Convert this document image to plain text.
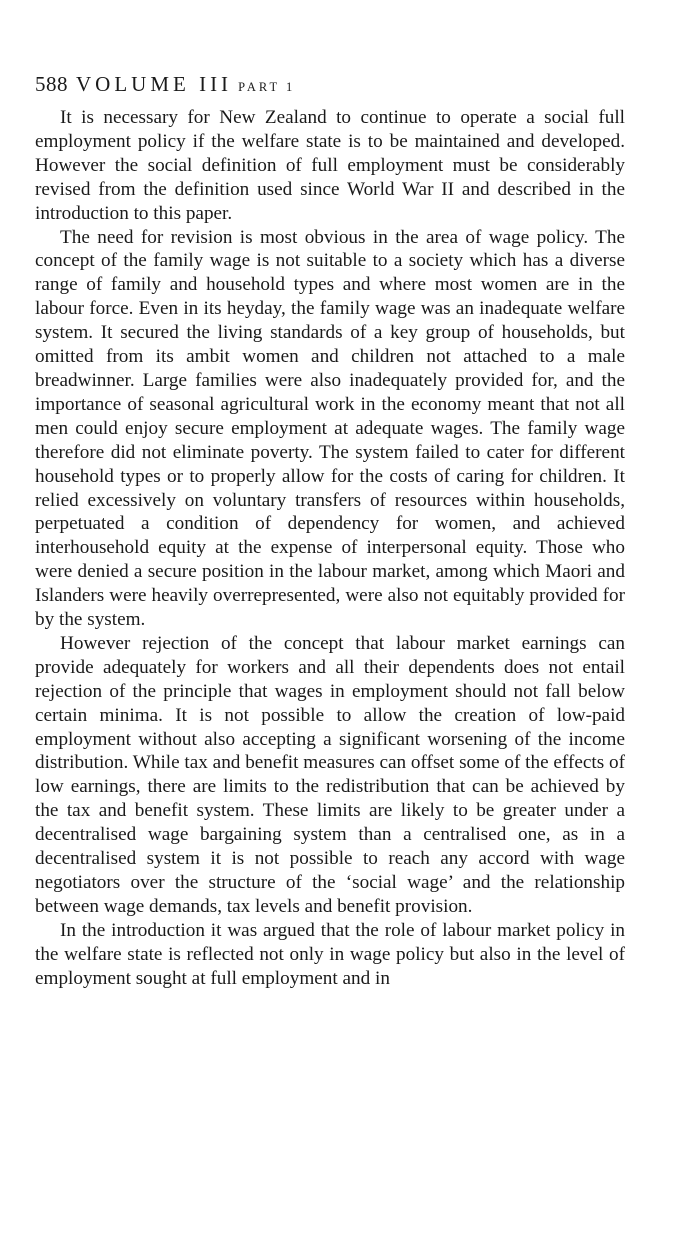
588 VOLUME III PART 1

It is necessary for New Zealand to continue to operate a social full employment policy if the welfare state is to be maintained and developed. However the social definition of full employment must be considerably revised from the definition used since World War II and described in the introduction to this paper.

The need for revision is most obvious in the area of wage policy. The concept of the family wage is not suitable to a society which has a diverse range of family and household types and where most women are in the labour force. Even in its heyday, the family wage was an inadequate welfare system. It secured the living standards of a key group of households, but omitted from its ambit women and children not attached to a male breadwinner. Large families were also inadequately provided for, and the importance of seasonal agricultural work in the economy meant that not all men could enjoy secure employment at adequate wages. The family wage therefore did not eliminate poverty. The system failed to cater for different household types or to properly allow for the costs of caring for children. It relied excessively on voluntary transfers of resources within households, perpetuated a condition of dependency for women, and achieved interhousehold equity at the expense of interpersonal equity. Those who were denied a secure position in the labour market, among which Maori and Islanders were heavily overrepresented, were also not equitably provided for by the system.

However rejection of the concept that labour market earnings can provide adequately for workers and all their dependents does not entail rejection of the principle that wages in employment should not fall below certain minima. It is not possible to allow the creation of low-paid employment without also accepting a significant worsening of the income distribution. While tax and benefit measures can offset some of the effects of low earnings, there are limits to the redistribution that can be achieved by the tax and benefit system. These limits are likely to be greater under a decentralised wage bargaining system than a centralised one, as in a decentralised system it is not possible to reach any accord with wage negotiators over the structure of the ‘social wage’ and the relationship between wage demands, tax levels and benefit provision.

In the introduction it was argued that the role of labour market policy in the welfare state is reflected not only in wage policy but also in the level of employment sought at full employment and in
